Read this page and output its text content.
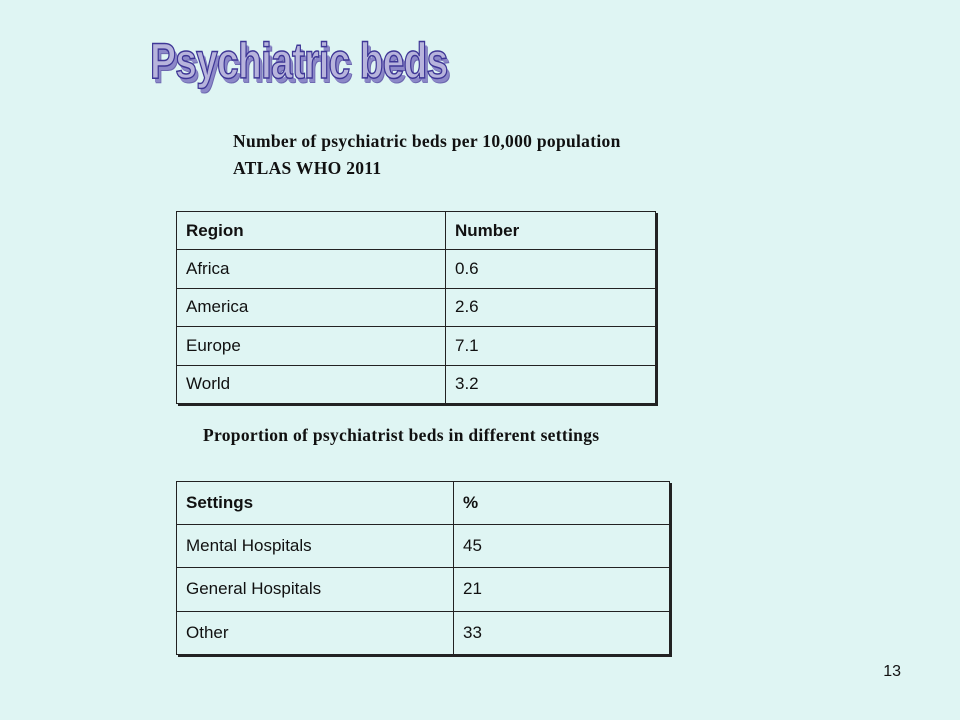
Psychiatric beds

Number of psychiatric beds per 10,000 population

ATLAS WHO 2011

Region	Number
Africa	0.6
America	2.6
Europe	7.1
World	3.2

Proportion of psychiatrist beds in different settings

Settings	%
Mental Hospitals	45
General Hospitals	21
Other	33
13
